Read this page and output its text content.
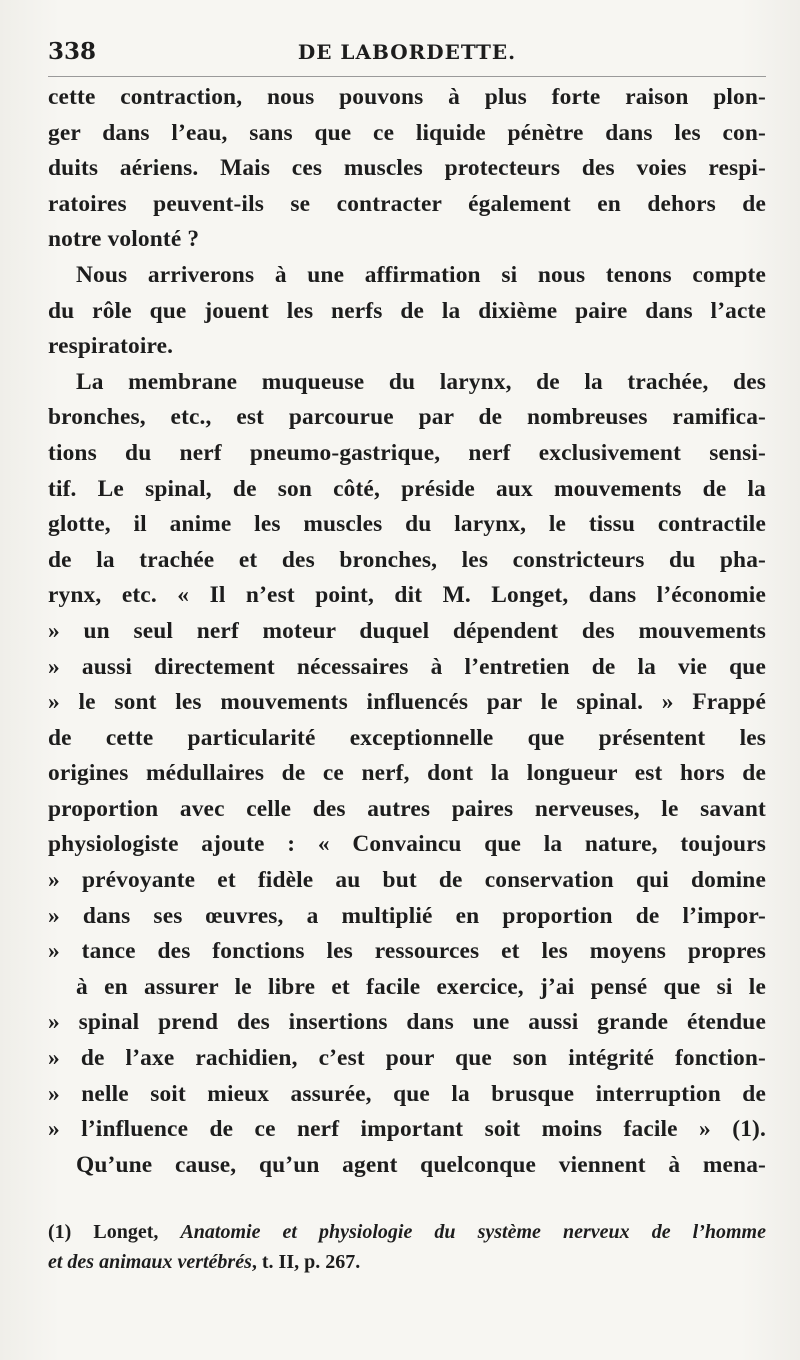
338	DE LABORDETTE.
cette contraction, nous pouvons à plus forte raison plon-
ger dans l’eau, sans que ce liquide pénètre dans les con-
duits aériens. Mais ces muscles protecteurs des voies respi-
ratoires peuvent-ils se contracter également en dehors de
notre volonté ?
Nous arriverons à une affirmation si nous tenons compte
du rôle que jouent les nerfs de la dixième paire dans l’acte
respiratoire.
La membrane muqueuse du larynx, de la trachée, des
bronches, etc., est parcourue par de nombreuses ramifica-
tions du nerf pneumo-gastrique, nerf exclusivement sensi-
tif. Le spinal, de son côté, préside aux mouvements de la
glotte, il anime les muscles du larynx, le tissu contractile
de la trachée et des bronches, les constricteurs du pha-
rynx, etc. « Il n’est point, dit M. Longet, dans l’économie
» un seul nerf moteur duquel dépendent des mouvements
» aussi directement nécessaires à l’entretien de la vie que
» le sont les mouvements influencés par le spinal. » Frappé
de cette particularité exceptionnelle que présentent les
origines médullaires de ce nerf, dont la longueur est hors de
proportion avec celle des autres paires nerveuses, le savant
physiologiste ajoute : « Convaincu que la nature, toujours
» prévoyante et fidèle au but de conservation qui domine
» dans ses œuvres, a multiplié en proportion de l’impor-
» tance des fonctions les ressources et les moyens propres
à en assurer le libre et facile exercice, j’ai pensé que si le
» spinal prend des insertions dans une aussi grande étendue
» de l’axe rachidien, c’est pour que son intégrité fonction-
» nelle soit mieux assurée, que la brusque interruption de
» l’influence de ce nerf important soit moins facile » (1).
Qu’une cause, qu’un agent quelconque viennent à mena-
(1) Longet, Anatomie et physiologie du système nerveux de l’homme
et des animaux vertébrés, t. II, p. 267.
